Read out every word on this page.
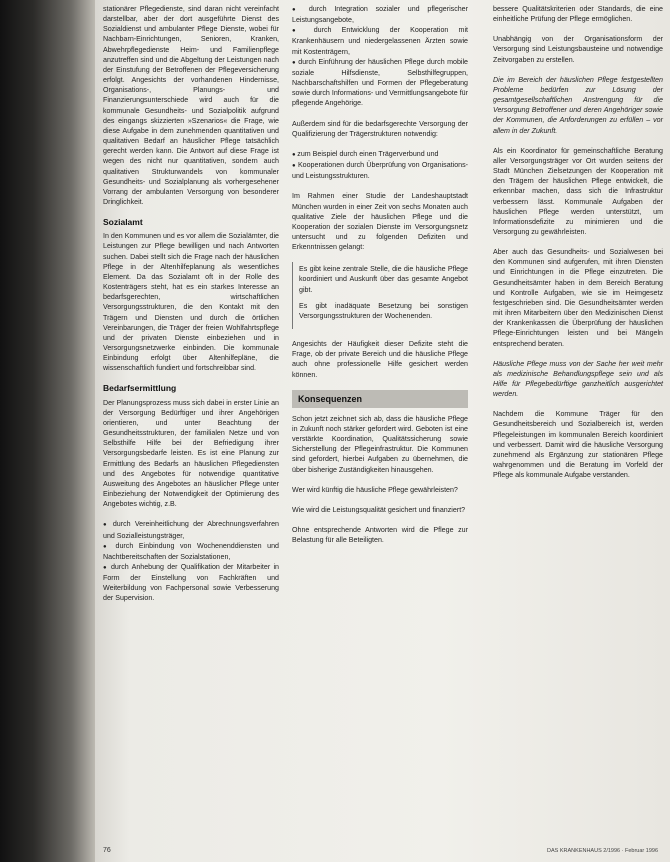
stationärer Pflegedienste, sind daran nicht vereinfacht darstellbar, aber der dort ausgeführte Dienst des Sozialdienst und ambulanter Pflege Dienste, wobei für Nachbarn-Einrichtungen, Senioren, Kranken, Abwehrpflegedienste Heim- und Familienpflege anzutreffen sind und die Abgeltung der Leistungen nach der Einstufung der Betroffenen der Pflegeversicherung erfolgt. Angesichts der vorhandenen Hindernisse, Organisations-, Planungs- und Finanzierungsunterschiede wird auch für die kommunale Gesundheits- und Sozialpolitik aufgrund des eingangs skizzierten »Szenarios« die Frage, wie diese Aufgabe in dem zunehmenden quantitativen und qualitativen Bedarf an häuslicher Pflege tatsächlich gerecht werden kann. Die Antwort auf diese Frage ist wegen des nicht nur quantitativen, sondern auch qualitativen Strukturwandels von kommunaler Gesundheits- und Sozialplanung als vorhergesehener Vorrang der ambulanten Versorgung von besonderer Dringlichkeit.

Sozialamt

In den Kommunen und es vor allem die Sozialämter, die Leistungen zur Pflege bewilligen und nach Antworten suchen. Dabei stellt sich die Frage nach der häuslichen Pflege in der Altenhilfeplanung als wesentliches Element. Da das Sozialamt oft in der Rolle des Kostenträgers steht, hat es ein starkes Interesse an bedarfsgerechten, wirtschaftlichen Versorgungsstrukturen, die den Kontakt mit den Trägern und Diensten und durch die örtlichen Vereinbarungen, die Träger der freien Wohlfahrtspflege und der privaten Dienste einbeziehen und in Versorgungsnetzwerke einbinden. Die kommunale Einbindung erfolgt über Altenhilfepläne, die wissenschaftlich fundiert und fortschreibbar sind.

Bedarfsermittlung

Der Planungsprozess muss sich dabei in erster Linie an der Versorgung Bedürftiger und ihrer Angehörigen orientieren, und unter Beachtung der Gesundheitsstrukturen, der familialen Netze und von Selbsthilfe Hilfe bei der Befriedigung ihrer Versorgungsbedarfe leisten. Es ist eine Planung zur Ermittlung des Bedarfs an häuslichen Pflegediensten und des Angebotes für notwendige quantitative Ausweitung des Angebotes an häuslicher Pflege unter Einbeziehung der Notwendigkeit der Optimierung des Angebotes wichtig, z.B.

● durch Vereinheitlichung der Abrechnungsverfahren und Sozialleistungsträger,
● durch Einbindung von Wochenenddiensten und Nachtbereitschaften der Sozialstationen,
● durch Anhebung der Qualifikation der Mitarbeiter in Form der Einstellung von Fachkräften und Weiterbildung von Fachpersonal sowie Verbesserung der Supervision.
● durch Integration sozialer und pflegerischer Leistungsangebote,
● durch Entwicklung der Kooperation mit Krankenhäusern und niedergelassenen Ärzten sowie mit Kostenträgern,
● durch Einführung der häuslichen Pflege durch mobile soziale Hilfsdienste, Selbsthilfegruppen, Nachbarschaftshilfen und Formen der Pflegeberatung sowie durch Informations- und Vermittlungsangebote für pflegende Angehörige.

Außerdem sind für die bedarfsgerechte Versorgung der Qualifizierung der Trägerstrukturen notwendig:

● zum Beispiel durch einen Trägerverbund und
● Kooperationen durch Überprüfung von Organisations- und Leistungsstrukturen.

Im Rahmen einer Studie der Landeshauptstadt München wurden in einer Zeit von sechs Monaten auch qualitative Ziele der häuslichen Pflege und die Kooperation der sozialen Dienste im Versorgungsnetz untersucht und zu folgenden Defiziten und Erkenntnissen gelangt:

Es gibt keine zentrale Stelle, die die häusliche Pflege koordiniert und Auskunft über das gesamte Angebot gibt.

Es gibt inadäquate Besetzung bei sonstigen Versorgungsstrukturen der Wochenenden.

Angesichts der Häufigkeit dieser Defizite steht die Frage, ob der private Bereich und die häusliche Pflege auch ohne professionelle Hilfe gesichert werden können.

Konsequenzen

Schon jetzt zeichnet sich ab, dass die häusliche Pflege in Zukunft noch stärker gefordert wird. Geboten ist eine verstärkte Koordination, Qualitätssicherung sowie Sicherstellung der Pflegeinfrastruktur. Die Kommunen sind gefordert, hierbei Aufgaben zu übernehmen, die über bisherige Zuständigkeiten hinausgehen.

Wer wird künftig die häusliche Pflege gewährleisten?

Wie wird die Leistungsqualität gesichert und finanziert?

Ohne entsprechende Antworten wird die Pflege zur Belastung für alle Beteiligten.

bessere Qualitätskriterien oder Standards, die eine einheitliche Prüfung der Pflege ermöglichen.

Unabhängig von der Organisationsform der Versorgung sind Leistungsbausteine und notwendige Zeitvorgaben zu erstellen.

Die im Bereich der häuslichen Pflege festgestellten Probleme bedürfen zur Lösung der gesamtgesellschaftlichen Anstrengung für die Versorgung Betroffener und deren Angehöriger sowie der Kommunen, die Anforderungen zu erfüllen – vor allem in der Zukunft.

Als ein Koordinator für gemeinschaftliche Beratung aller Versorgungsträger vor Ort wurden seitens der Stadt München Zielsetzungen der Kooperation mit den Trägern der häuslichen Pflege entwickelt, die erkennbar machen, dass sich die Infrastruktur verbessern lässt. Kommunale Aufgaben der häuslichen Pflege werden unterstützt, um Informationsdefizite zu minimieren und die Versorgung zu gewährleisten.

Aber auch das Gesundheits- und Sozialwesen bei den Kommunen sind aufgerufen, mit ihren Diensten und Einrichtungen in die Pflege einzutreten. Die Gesundheitsämter haben in dem Bereich Beratung und Kontrolle Aufgaben, wie sie im Heimgesetz festgeschrieben sind. Die Gesundheitsämter werden mit ihren Mitarbeitern über den Medizinischen Dienst der Krankenkassen die Überprüfung der häuslichen Pflege-Einrichtungen leisten und bei Mängeln entsprechend beraten.

Häusliche Pflege muss von der Sache her weit mehr als medizinische Behandlungspflege sein und als Hilfe für Pflegebedürftige ganzheitlich ausgerichtet werden.

Nachdem die Kommune Träger für den Gesundheitsbereich und Sozialbereich ist, werden Pflegeleistungen im kommunalen Bereich koordiniert und verbessert. Damit wird die häusliche Versorgung zunehmend als Ergänzung zur stationären Pflege wahrgenommen und die Beratung im Vorfeld der Pflege als kommunale Aufgabe verstanden.

76	DAS KRANKENHAUS 2/1996 · Februar 1996
